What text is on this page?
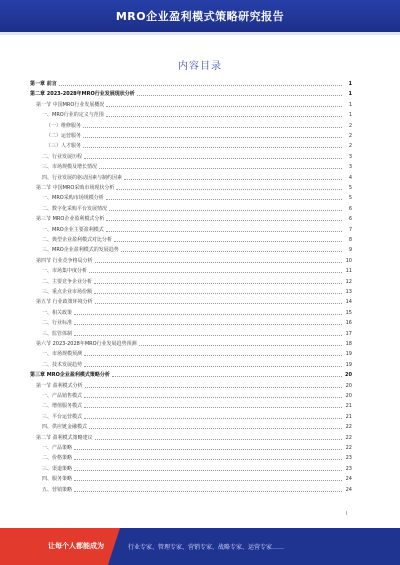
MRO企业盈利模式策略研究报告
内容目录
第一章 前言	1
第二章 2023-2028年MRO行业发展现状分析	1
第一节 中国MRO行业发展概况	1
一、MRO行业的定义与范围	1
（一）维修服务	2
（二）运营服务	2
（三）人才服务	2
二、行业发展历程	3
三、市场规模及增长情况	3
四、行业发展的驱动因素与制约因素	4
第二节 中国MRO采购市场现状分析	5
一、MRO采购市场规模分析	5
二、数字化采购平台发展情况	6
第三节 MRO企业盈利模式分析	6
一、MRO企业主要盈利模式	7
二、典型企业盈利模式对比分析	8
三、MRO企业盈利模式的发展趋势	9
第四节 行业竞争格局分析	10
一、市场集中度分析	11
二、主要竞争企业分析	12
三、重点企业市场份额	13
第五节 行业政策环境分析	14
一、相关政策	15
二、行业标准	16
三、监管体制	17
第六节 2023-2028年MRO行业发展趋势预测	18
一、市场规模预测	19
二、技术发展趋势	19
第三章 MRO企业盈利模式策略分析	20
第一节 盈利模式分析	20
一、产品销售模式	20
二、增值服务模式	21
三、平台运营模式	21
四、供应链金融模式	22
第二节 盈利模式策略建议	22
一、产品策略	22
二、价格策略	23
三、渠道策略	23
四、服务策略	24
五、营销策略	24
I
让每个人都能成为	行业专家、管理专家、营销专家、战略专家、运营专家……
